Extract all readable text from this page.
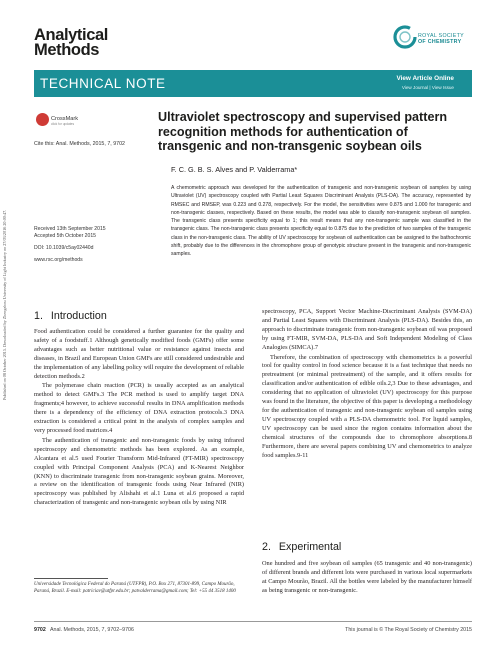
Published on 08 October 2015. Downloaded by Zhengzhou University of Light Industry on 27/03/2016 20:00:47.
Analytical
Methods
ROYAL SOCIETY
OF CHEMISTRY
TECHNICAL NOTE	View Article Online
View Journal | View Issue
CrossMark
click for updates
Cite this: Anal. Methods, 2015, 7, 9702
Ultraviolet spectroscopy and supervised pattern recognition methods for authentication of transgenic and non-transgenic soybean oils
F. C. G. B. S. Alves and P. Valderrama*
A chemometric approach was developed for the authentication of transgenic and non-transgenic soybean oil samples by using Ultraviolet (UV) spectroscopy coupled with Partial Least Squares Discriminant Analysis (PLS-DA). The accuracy, represented by RMSEC and RMSEP, was 0.223 and 0.278, respectively. For the model, the sensitivities were 0.875 and 1.000 for transgenic and non-transgenic classes, respectively. Based on these results, the model was able to classify non-transgenic soybean oil samples. The transgenic class presents specificity equal to 1; this result means that any non-transgenic sample was classified in the transgenic class. The non-transgenic class presents specificity equal to 0.875 due to the prediction of two samples of the transgenic class in the non-transgenic class. The ability of UV spectroscopy for soybean oil authentication can be assigned to the bathochromic shift, probably due to the differences in the chromophore group of genotypic structure present in the transgenic and non-transgenic samples.
Received 13th September 2015
Accepted 5th October 2015
DOI: 10.1039/c5ay02440d
www.rsc.org/methods
1. Introduction

Food authentication could be considered a further guarantee for the quality and safety of a foodstuff.1 Although genetically modified foods (GMFs) offer some advantages such as better nutritional value or resistance against insects and diseases, in Brazil and European Union GMFs are still considered undesirable and the implementation of any labelling policy will require the development of reliable detection methods.2

The polymerase chain reaction (PCR) is usually accepted as an analytical method to detect GMFs.3 The PCR method is used to amplify target DNA fragments;4 however, to achieve successful results in DNA amplification methods there is a dependency of the efficiency of DNA extraction protocols.3 DNA extraction is considered a critical point in the analysis of complex samples and very processed food matrices.4

The authentication of transgenic and non-transgenic foods by using infrared spectroscopy and chemometric methods has been explored. As an example, Alcantara et al.5 used Fourier Transform Mid-Infrared (FT-MIR) spectroscopy coupled with Principal Component Analysis (PCA) and K-Nearest Neighbor (KNN) to discriminate transgenic from non-transgenic soybean grains. Moreover, a review on the identification of transgenic foods using Near Infrared (NIR) spectroscopy was published by Alishahi et al.1 Luna et al.6 proposed a rapid characterization of transgenic and non-transgenic soybean oils by using NIR

spectroscopy, PCA, Support Vector Machine-Discriminant Analysis (SVM-DA) and Partial Least Squares with Discriminant Analysis (PLS-DA). Besides this, an approach to discriminate transgenic from non-transgenic soybean oil was proposed by using FT-MIR, SVM-DA, PLS-DA and Soft Independent Modeling of Class Analogies (SIMCA).7

Therefore, the combination of spectroscopy with chemometrics is a powerful tool for quality control in food science because it is a fast technique that needs no pretreatment (or minimal pretreatment) of the sample, and it offers results for classification and/or authentication of edible oils.2,3 Due to these advantages, and considering that no application of ultraviolet (UV) spectroscopy for this purpose was found in the literature, the objective of this paper is developing a methodology for the authentication of transgenic and non-transgenic soybean oil samples using UV spectroscopy coupled with a PLS-DA chemometric tool. For liquid samples, UV spectroscopy can be used since the region contains information about the chemical structures of the compounds due to chromophore absorptions.8 Furthermore, there are several papers combining UV and chemometrics to analyze food samples.9-11

2. Experimental

One hundred and five soybean oil samples (65 transgenic and 40 non-transgenic) of different brands and different lots were purchased in various local supermarkets at Campo Mourão, Brazil. All the bottles were labeled by the manufacturer himself as being transgenic or non-transgenic.

Universidade Tecnológica Federal do Paraná (UTFPR), P.O. Box 271, 87301-899, Campo Mourão, Paraná, Brazil. E-mail: patriciav@utfpr.edu.br; patvalderrama@gmail.com; Tel: +55 44 3518 1400
9702 Anal. Methods, 2015, 7, 9702–9706	This journal is © The Royal Society of Chemistry 2015
